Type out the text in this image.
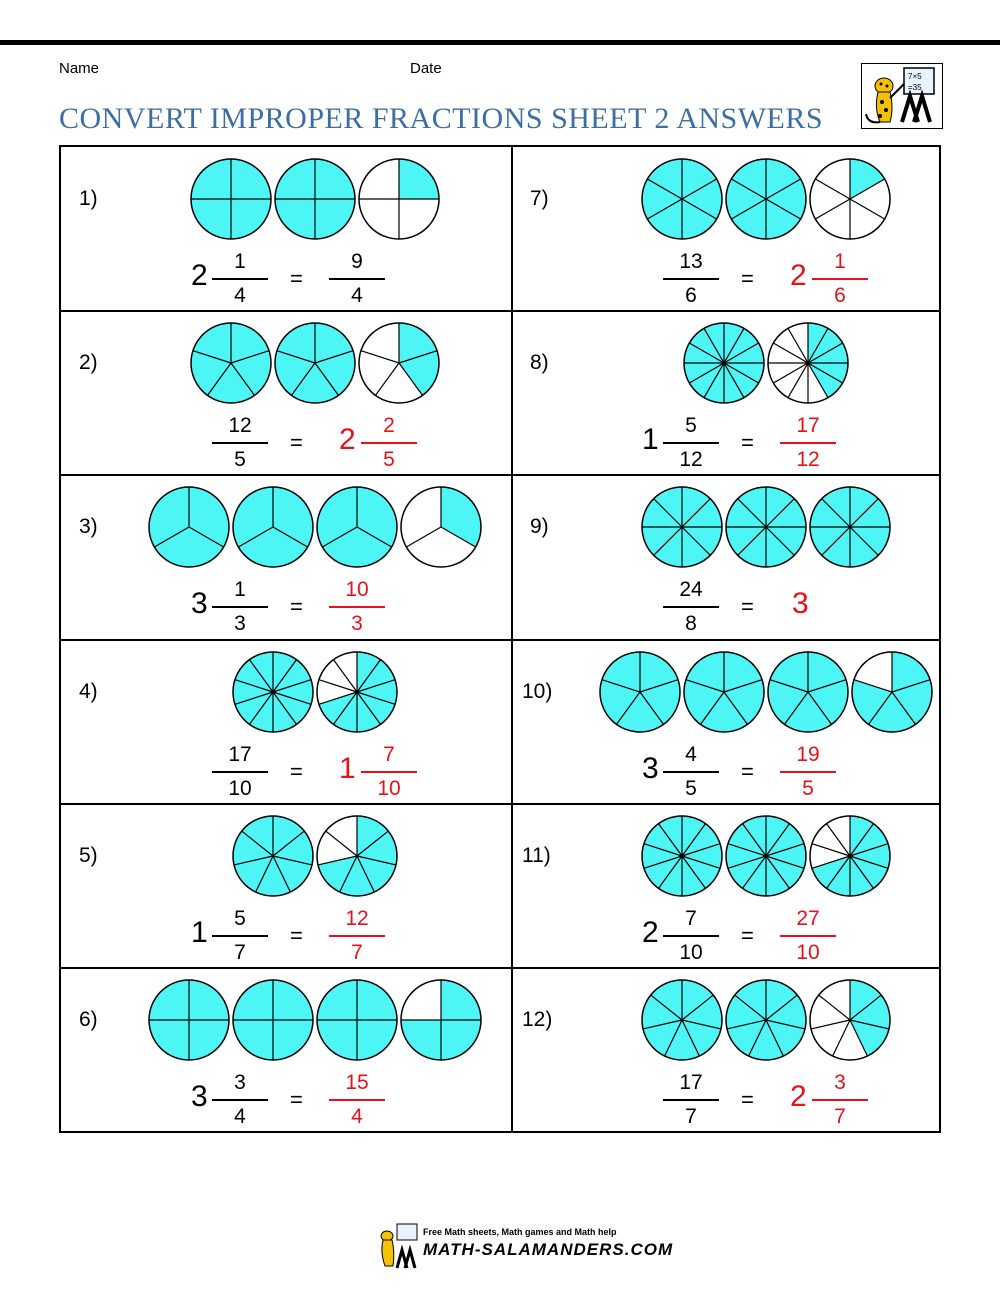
Name	Date
CONVERT IMPROPER FRACTIONS SHEET 2 ANSWERS
7×5
=35
1)
2	1
4
=
9
4
2)
12
5
= 2	2
5
3)
3	1
3
=
10
3
4)
17
10
= 1	7
10
5)
1	5
7
=
12
7
6)
3	3
4
=
15
4
7)
13
6
= 2	1
6
8)
1	5
12
=
17
12
9)
24
8
= 3
10)
3	4
5
=
19
5
11)
2	7
10
=
27
10
12)
17
7
= 2	3
7
Free Math sheets, Math games and Math help
MATH-SALAMANDERS.COM
